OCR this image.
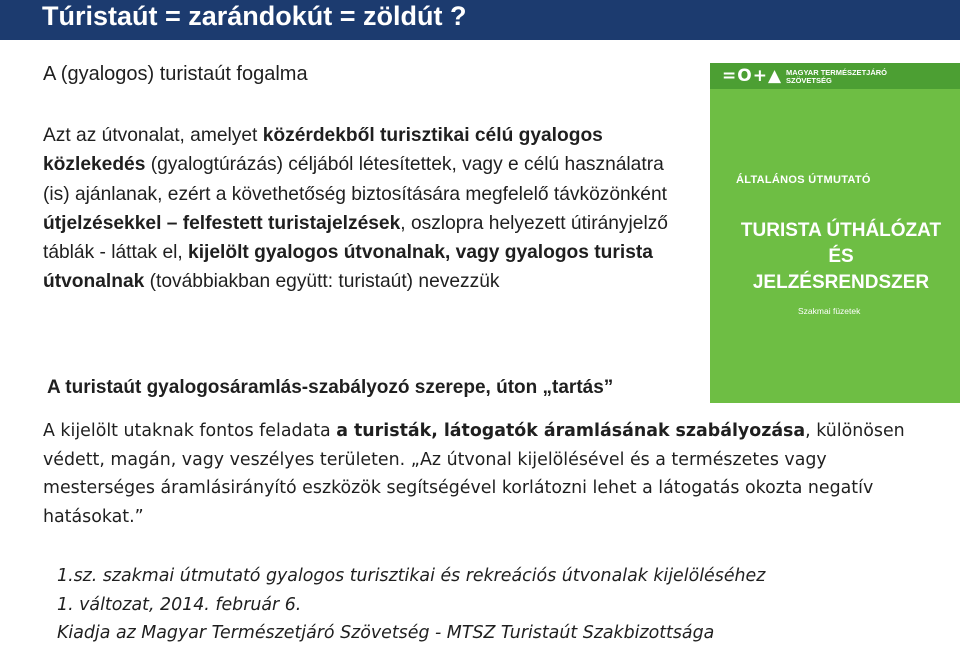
Túristaút = zarándokút = zöldút ?
A (gyalogos) turistaút fogalma
Azt az útvonalat, amelyet közérdekből turisztikai célú gyalogos közlekedés (gyalogtúrázás) céljából létesítettek, vagy e célú használatra (is) ajánlanak, ezért a követhetőség biztosítására megfelelő távközönként útjelzésekkel – felfestett turistajelzések, oszlopra helyezett útirányjelző táblák - láttak el, kijelölt gyalogos útvonalnak, vagy gyalogos turista útvonalnak (továbbiakban együtt: turistaút) nevezzük
=O+▲ MAGYAR TERMÉSZETJÁRÓ SZÖVETSÉG
ÁLTALÁNOS ÚTMUTATÓ
TURISTA ÚTHÁLÓZAT
ÉS
JELZÉSRENDSZER
Szakmai füzetek
A turistaút gyalogosáramlás-szabályozó szerepe, úton „tartás”
A kijelölt utaknak fontos feladata a turisták, látogatók áramlásának szabályozása, különösen védett, magán, vagy veszélyes területen. „Az útvonal kijelölésével és a természetes vagy mesterséges áramlásirányító eszközök segítségével korlátozni lehet a látogatás okozta negatív hatásokat.”
1.sz. szakmai útmutató gyalogos turisztikai és rekreációs útvonalak kijelöléséhez
1. változat, 2014. február 6.
Kiadja az Magyar Természetjáró Szövetség - MTSZ Turistaút Szakbizottsága
